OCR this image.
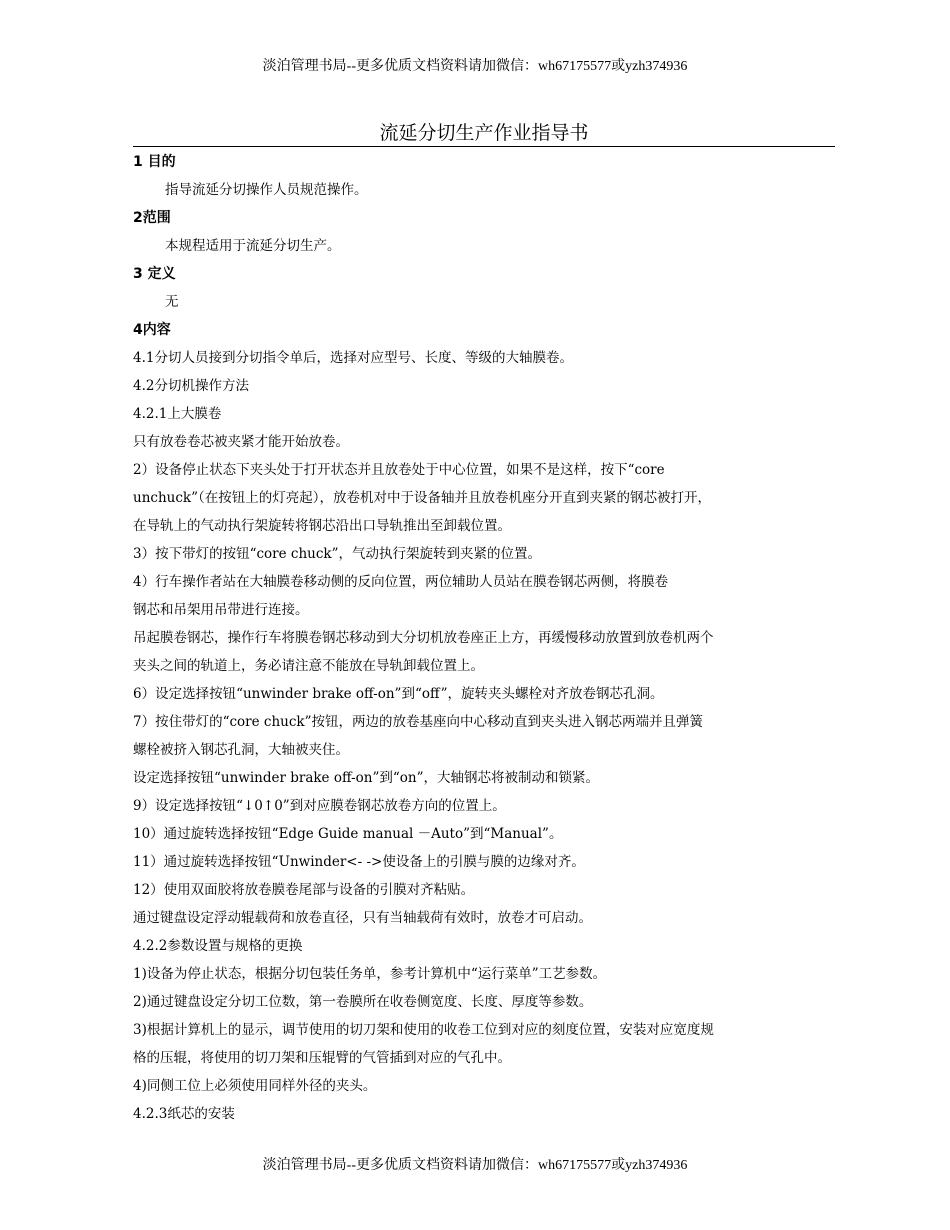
淡泊管理书局--更多优质文档资料请加微信：wh67175577或yzh374936
流延分切生产作业指导书
1 目的
指导流延分切操作人员规范操作。
2范围
本规程适用于流延分切生产。
3 定义
无
4内容
4.1分切人员接到分切指令单后，选择对应型号、长度、等级的大轴膜卷。
4.2分切机操作方法
4.2.1上大膜卷
只有放卷卷芯被夹紧才能开始放卷。
2）设备停止状态下夹头处于打开状态并且放卷处于中心位置，如果不是这样，按下“core
unchuck”（在按钮上的灯亮起），放卷机对中于设备轴并且放卷机座分开直到夹紧的钢芯被打开，
在导轨上的气动执行架旋转将钢芯沿出口导轨推出至卸载位置。
3）按下带灯的按钮“core chuck”，气动执行架旋转到夹紧的位置。
4）行车操作者站在大轴膜卷移动侧的反向位置，两位辅助人员站在膜卷钢芯两侧，将膜卷
钢芯和吊架用吊带进行连接。
吊起膜卷钢芯，操作行车将膜卷钢芯移动到大分切机放卷座正上方，再缓慢移动放置到放卷机两个
夹头之间的轨道上，务必请注意不能放在导轨卸载位置上。
6）设定选择按钮“unwinder brake off-on”到“off”，旋转夹头螺栓对齐放卷钢芯孔洞。
7）按住带灯的“core chuck”按钮，两边的放卷基座向中心移动直到夹头进入钢芯两端并且弹簧
螺栓被挤入钢芯孔洞，大轴被夹住。
设定选择按钮“unwinder brake off-on”到“on”，大轴钢芯将被制动和锁紧。
9）设定选择按钮“↓0↑0”到对应膜卷钢芯放卷方向的位置上。
10）通过旋转选择按钮“Edge Guide manual －Auto”到“Manual”。
11）通过旋转选择按钮“Unwinder<- ->使设备上的引膜与膜的边缘对齐。
12）使用双面胶将放卷膜卷尾部与设备的引膜对齐粘贴。
通过键盘设定浮动辊载荷和放卷直径，只有当轴载荷有效时，放卷才可启动。
4.2.2参数设置与规格的更换
1)设备为停止状态，根据分切包装任务单，参考计算机中“运行菜单”工艺参数。
2)通过键盘设定分切工位数，第一卷膜所在收卷侧宽度、长度、厚度等参数。
3)根据计算机上的显示，调节使用的切刀架和使用的收卷工位到对应的刻度位置，安装对应宽度规
格的压辊，将使用的切刀架和压辊臂的气管插到对应的气孔中。
4)同侧工位上必须使用同样外径的夹头。
4.2.3纸芯的安装
淡泊管理书局--更多优质文档资料请加微信：wh67175577或yzh374936
